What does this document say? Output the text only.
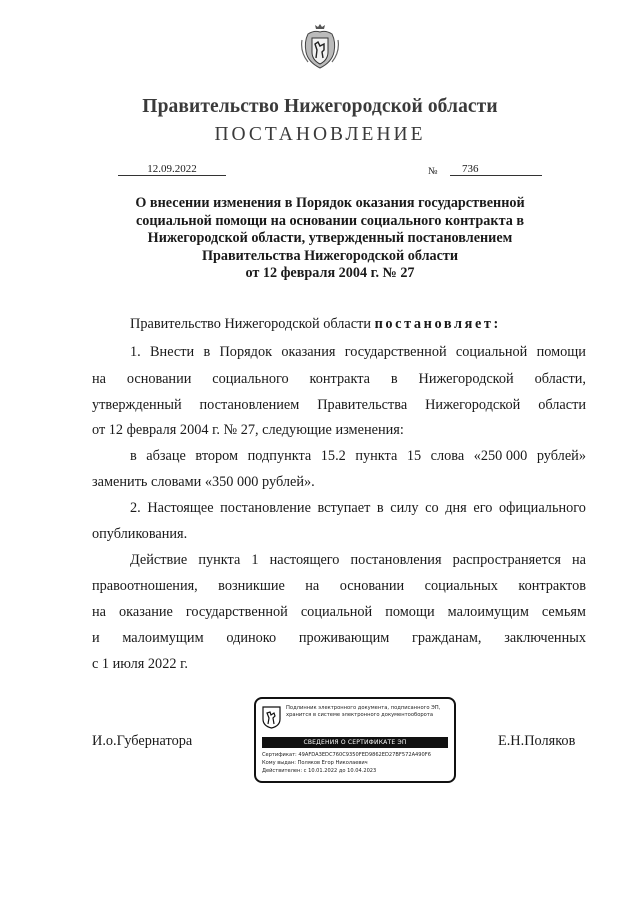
Правительство Нижегородской области
ПОСТАНОВЛЕНИЕ
12.09.2022	№	736
О внесении изменения в Порядок оказания государственной
социальной помощи на основании социального контракта в
Нижегородской области, утвержденный постановлением
Правительства Нижегородской области
от 12 февраля 2004 г. № 27
Правительство Нижегородской области постановляет:
1. Внести в Порядок оказания государственной социальной помощи
на основании социального контракта в Нижегородской области,
утвержденный постановлением Правительства Нижегородской области
от 12 февраля 2004 г. № 27, следующие изменения:
в абзаце втором подпункта 15.2 пункта 15 слова «250 000 рублей»
заменить словами «350 000 рублей».
2. Настоящее постановление вступает в силу со дня его официального
опубликования.
Действие пункта 1 настоящего постановления распространяется на
правоотношения, возникшие на основании социальных контрактов
на оказание государственной социальной помощи малоимущим семьям
и малоимущим одиноко проживающим гражданам, заключенных
с 1 июля 2022 г.
И.о.Губернатора	Е.Н.Поляков
Подлинник электронного документа, подписанного ЭП, хранится в системе электронного документооборота
СВЕДЕНИЯ О СЕРТИФИКАТЕ ЭП
Сертификат: 49AFDA3EDC760C9350FED9862ED27BF572A490F6
Кому выдан: Поляков Егор Николаевич
Действителен: с 10.01.2022 до 10.04.2023
